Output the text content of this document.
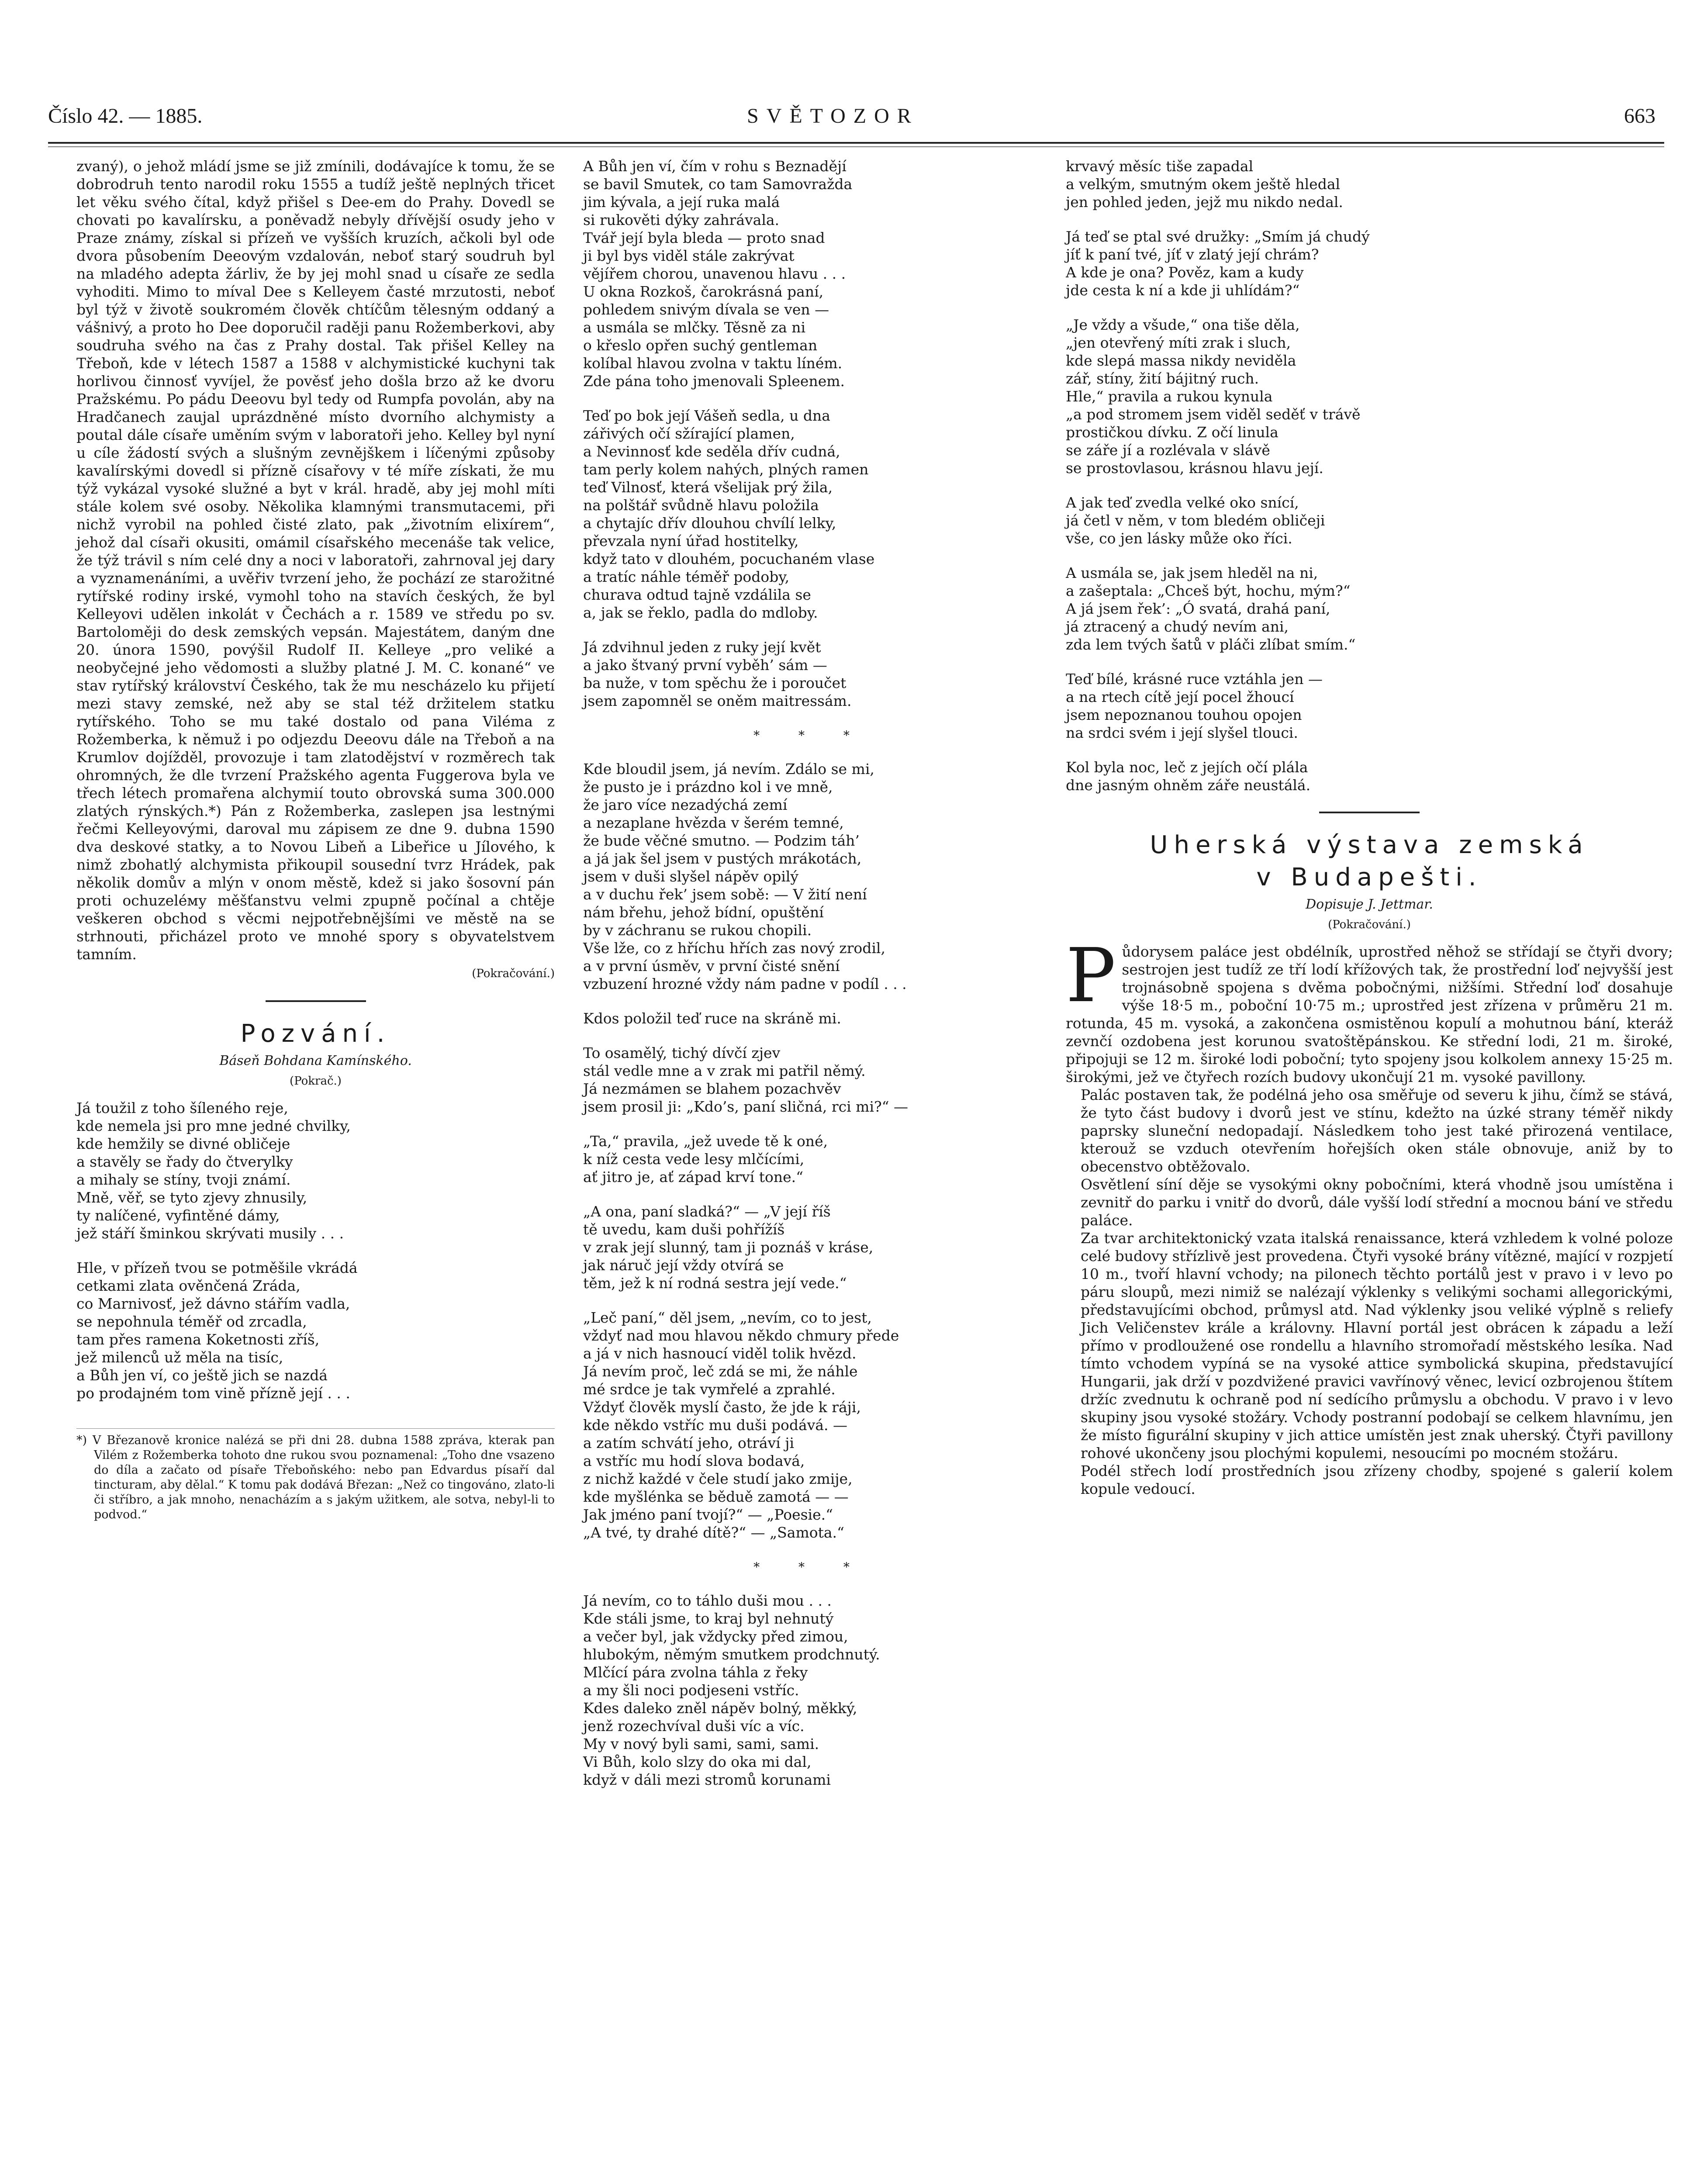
Číslo 42. — 1885.	SVĚTOZOR	663

zvaný), o jehož mládí jsme se již zmínili, dodávajíce k tomu, že se dobrodruh tento narodil roku 1555 a tudíž ještě neplných třicet let věku svého čítal, když přišel s Dee-em do Prahy. Dovedl se chovati po kavalírsku, a poněvadž nebyly dřívější osudy jeho v Praze známy, získal si přízeň ve vyšších kruzích, ačkoli byl ode dvora působením Deeovým vzdalován, neboť starý soudruh byl na mladého adepta žárliv, že by jej mohl snad u císaře ze sedla vyhoditi. Mimo to míval Dee s Kelleyem časté mrzutosti, neboť byl týž v životě soukromém člověk chtíčům tělesným oddaný a vášnivý, a proto ho Dee doporučil raději panu Rožemberkovi, aby soudruha svého na čas z Prahy dostal. Tak přišel Kelley na Třeboň, kde v létech 1587 a 1588 v alchymistické kuchyni tak horlivou činnosť vyvíjel, že pověsť jeho došla brzo až ke dvoru Pražskému. Po pádu Deeovu byl tedy od Rumpfa povolán, aby na Hradčanech zaujal uprázdněné místo dvorního alchymisty a poutal dále císaře uměním svým v laboratoři jeho. Kelley byl nyní u cíle žádostí svých a slušným zevnějškem i líčenými způsoby kavalírskými dovedl si přízně císařovy v té míře získati, že mu týž vykázal vysoké služné a byt v král. hradě, aby jej mohl míti stále kolem své osoby. Několika klamnými transmutacemi, při nichž vyrobil na pohled čisté zlato, pak „životním elixírem“, jehož dal císaři okusiti, omámil císařského mecenáše tak velice, že týž trávil s ním celé dny a noci v laboratoři, zahrnoval jej dary a vyznamenáními, a uvěřiv tvrzení jeho, že pochází ze starožitné rytířské rodiny irské, vymohl toho na stavích českých, že byl Kelleyovi udělen inkolát v Čechách a r. 1589 ve středu po sv. Bartoloměji do desk zemských vepsán. Majestátem, daným dne 20. února 1590, povýšil Rudolf II. Kelleye „pro veliké a neobyčejné jeho vědomosti a služby platné J. M. C. konané“ ve stav rytířský království Českého, tak že mu nescházelo ku přijetí mezi stavy zemské, než aby se stal též držitelem statku rytířského. Toho se mu také dostalo od pana Viléma z Rožemberka, k němuž i po odjezdu Deeovu dále na Třeboň a na Krumlov dojížděl, provozuje i tam zlatodějství v rozměrech tak ohromných, že dle tvrzení Pražského agenta Fuggerova byla ve třech létech promařena alchymií touto obrovská suma 300.000 zlatých rýnských.*) Pán z Rožemberka, zaslepen jsa lestnými řečmi Kelleyovými, daroval mu zápisem ze dne 9. dubna 1590 dva deskové statky, a to Novou Libeň a Libeřice u Jílového, k nimž zbohatlý alchymista přikoupil sousední tvrz Hrádek, pak několik domův a mlýn v onom městě, kdež si jako šosovní pán proti ochuzeléму měšťanstvu velmi zpupně počínal a chtěje veškeren obchod s věcmi nejpotřebnějšími ve městě na se strhnouti, přicházel proto ve mnohé spory s obyvatelstvem tamním.

(Pokračování.)
Pozvání.
Báseň Bohdana Kamínského.
(Pokrač.)
Já toužil z toho šíleného reje,
kde nemela jsi pro mne jedné chvilky,
kde hemžily se divné obličeje
a stavěly se řady do čtverylky
a mihaly se stíny, tvoji známí.
Mně, věř, se tyto zjevy zhnusily,
ty nalíčené, vyfintěné dámy,
jež stáří šminkou skrývati musily . . .
Hle, v přízeň tvou se potměšile vkrádá
cetkami zlata ověnčená Zráda,
co Marnivosť, jež dávno stářím vadla,
se nepohnula téměř od zrcadla,
tam přes ramena Koketnosti zříš,
jež milenců už měla na tisíc,
a Bůh jen ví, co ještě jich se nazdá
po prodajném tom vině přízně její . . .

*) V Březanově kronice nalézá se při dni 28. dubna 1588 zpráva, kterak pan Vilém z Rožemberka tohoto dne rukou svou poznamenal: „Toho dne vsazeno do díla a začato od písaře Třeboňského: nebo pan Edvardus písaří dal tincturam, aby dělal.“ K tomu pak dodává Březan: „Než co tingováno, zlato-li či stříbro, a jak mnoho, nenacházím a s jakým užitkem, ale sotva, nebyl-li to podvod.“

A Bůh jen ví, čím v rohu s Beznadějí
se bavil Smutek, co tam Samovražda
jim kývala, a její ruka malá
si rukověti dýky zahrávala.
Tvář její byla bleda — proto snad
ji byl bys viděl stále zakrývat
vějířem chorou, unavenou hlavu . . .
U okna Rozkoš, čarokrásná paní,
pohledem snivým dívala se ven —
a usmála se mlčky. Těsně za ni
o křeslo opřen suchý gentleman
kolíbal hlavou zvolna v taktu líném.
Zde pána toho jmenovali Spleenem.
Teď po bok její Vášeň sedla, u dna
zářivých očí sžírající plamen,
a Nevinnosť kde seděla dřív cudná,
tam perly kolem nahých, plných ramen
teď Vilnosť, která všelijak prý žila,
na polštář svůdně hlavu položila
a chytajíc dřív dlouhou chvílí lelky,
převzala nyní úřad hostitelky,
když tato v dlouhém, pocuchaném vlase
a tratíc náhle téměř podoby,
churava odtud tajně vzdálila se
a, jak se řeklo, padla do mdloby.
Já zdvihnul jeden z ruky její květ
a jako štvaný první vyběh’ sám —
ba nuže, v tom spěchu že i poroučet
jsem zapomněl se oněm maitressám.
* * *
Kde bloudil jsem, já nevím. Zdálo se mi,
že pusto je i prázdno kol i ve mně,
že jaro více nezadýchá zemí
a nezaplane hvězda v šerém temné,
že bude věčné smutno. — Podzim táh’
a já jak šel jsem v pustých mrákotách,
jsem v duši slyšel nápěv opilý
a v duchu řek’ jsem sobě: — V žití není
nám břehu, jehož bídní, opuštění
by v záchranu se rukou chopili.
Vše lže, co z hříchu hřích zas nový zrodil,
a v první úsměv, v první čisté snění
vzbuzení hrozné vždy nám padne v podíl . . .
Kdos položil teď ruce na skráně mi.
To osamělý, tichý dívčí zjev
stál vedle mne a v zrak mi patřil němý.
Já nezmámen se blahem pozachvěv
jsem prosil ji: „Kdo’s, paní sličná, rci mi?“ —
„Ta,“ pravila, „jež uvede tě k oné,
k níž cesta vede lesy mlčícími,
ať jitro je, ať západ krví tone.“
„A ona, paní sladká?“ — „V její říš
tě uvedu, kam duši pohřížíš
v zrak její slunný, tam ji poznáš v kráse,
jak náruč její vždy otvírá se
těm, jež k ní rodná sestra její vede.“
„Leč paní,“ děl jsem, „nevím, co to jest,
vždyť nad mou hlavou někdo chmury přede
a já v nich hasnoucí viděl tolik hvězd.
Já nevím proč, leč zdá se mi, že náhle
mé srdce je tak vymřelé a zprahlé.
Vždyť člověk myslí často, že jde k ráji,
kde někdo vstříc mu duši podává. —
a zatím schvátí jeho, otráví ji
a vstříc mu hodí slova bodavá,
z nichž každé v čele studí jako zmije,
kde myšlénka se běduě zamotá — —
Jak jméno paní tvojí?“ — „Poesie.“
„A tvé, ty drahé dítě?“ — „Samota.“
* * *
Já nevím, co to táhlo duši mou . . .
Kde stáli jsme, to kraj byl nehnutý
a večer byl, jak vždycky před zimou,
hlubokým, němým smutkem prodchnutý.
Mlčící pára zvolna táhla z řeky
a my šli noci podjeseni vstříc.
Kdes daleko zněl nápěv bolný, měkký,
jenž rozechvíval duši víc a víc.
My v nový byli sami, sami, sami.
Vi Bůh, kolo slzy do oka mi dal,
když v dáli mezi stromů korunami
krvavý měsíc tiše zapadal
a velkým, smutným okem ještě hledal
jen pohled jeden, jejž mu nikdo nedal.
Já teď se ptal své družky: „Smím já chudý
jíť k paní tvé, jíť v zlatý její chrám?
A kde je ona? Pověz, kam a kudy
jde cesta k ní a kde ji uhlídám?“
„Je vždy a všude,“ ona tiše děla,
„jen otevřený míti zrak i sluch,
kde slepá massa nikdy neviděla
zář, stíny, žití bájitný ruch.
Hle,“ pravila a rukou kynula
„a pod stromem jsem viděl seděť v trávě
prostičkou dívku. Z očí linula
se záře jí a rozlévala v slávě
se prostovlasou, krásnou hlavu její.
A jak teď zvedla velké oko snící,
já četl v něm, v tom bledém obličeji
vše, co jen lásky může oko říci.
A usmála se, jak jsem hleděl na ni,
a zašeptala: „Chceš být, hochu, mým?“
A já jsem řek’: „Ó svatá, drahá paní,
já ztracený a chudý nevím ani,
zda lem tvých šatů v pláči zlíbat smím.“
Teď bílé, krásné ruce vztáhla jen —
a na rtech cítě její pocel žhoucí
jsem nepoznanou touhou opojen
na srdci svém i její slyšel tlouci.
Kol byla noc, leč z jejích očí plála
dne jasným ohněm záře neustálá.
Uherská výstava zemská
v Budapešti.
Dopisuje J. Jettmar.
(Pokračování.)

Půdorysem paláce jest obdélník, uprostřed něhož se střídají se čtyři dvory; sestrojen jest tudíž ze tří lodí křížových tak, že prostřední loď nejvyšší jest trojnásobně spojena s dvěma pobočnými, nižšími. Střední loď dosahuje výše 18·5 m., poboční 10·75 m.; uprostřed jest zřízena v průměru 21 m. rotunda, 45 m. vysoká, a zakončena osmistěnou kopulí a mohutnou bání, kteráž zevnčí ozdobena jest korunou svatoštěpánskou. Ke střední lodi, 21 m. široké, připojuji se 12 m. široké lodi poboční; tyto spojeny jsou kolkolem annexy 15·25 m. širokými, jež ve čtyřech rozích budovy ukončují 21 m. vysoké pavillony.

Palác postaven tak, že podélná jeho osa směřuje od severu k jihu, čímž se stává, že tyto část budovy i dvorů jest ve stínu, kdežto na úzké strany téměř nikdy paprsky sluneční nedopadají. Následkem toho jest také přirozená ventilace, kterouž se vzduch otevřením hořejších oken stále obnovuje, aniž by to obecenstvo obtěžovalo.

Osvětlení síní děje se vysokými okny pobočními, která vhodně jsou umístěna i zevnitř do parku i vnitř do dvorů, dále vyšší lodí střední a mocnou bání ve středu paláce.

Za tvar architektonický vzata italská renaissance, která vzhledem k volné poloze celé budovy střízlivě jest provedena. Čtyři vysoké brány vítězné, mající v rozpjetí 10 m., tvoří hlavní vchody; na pilonech těchto portálů jest v pravo i v levo po páru sloupů, mezi nimiž se nalézají výklenky s velikými sochami allegorickými, představujícími obchod, průmysl atd. Nad výklenky jsou veliké výplně s reliefy Jich Veličenstev krále a královny. Hlavní portál jest obrácen k západu a leží přímo v prodloužené ose rondellu a hlavního stromořadí městského lesíka. Nad tímto vchodem vypíná se na vysoké attice symbolická skupina, představující Hungarii, jak drží v pozdvižené pravici vavřínový věnec, levicí ozbrojenou štítem držíc zvednutu k ochraně pod ní sedícího průmyslu a obchodu. V pravo i v levo skupiny jsou vysoké stožáry. Vchody postranní podobají se celkem hlavnímu, jen že místo figurální skupiny v jich attice umístěn jest znak uherský. Čtyři pavillony rohové ukončeny jsou plochými kopulemi, nesoucími po mocném stožáru.

Podél střech lodí prostředních jsou zřízeny chodby, spojené s galerií kolem kopule vedoucí.
